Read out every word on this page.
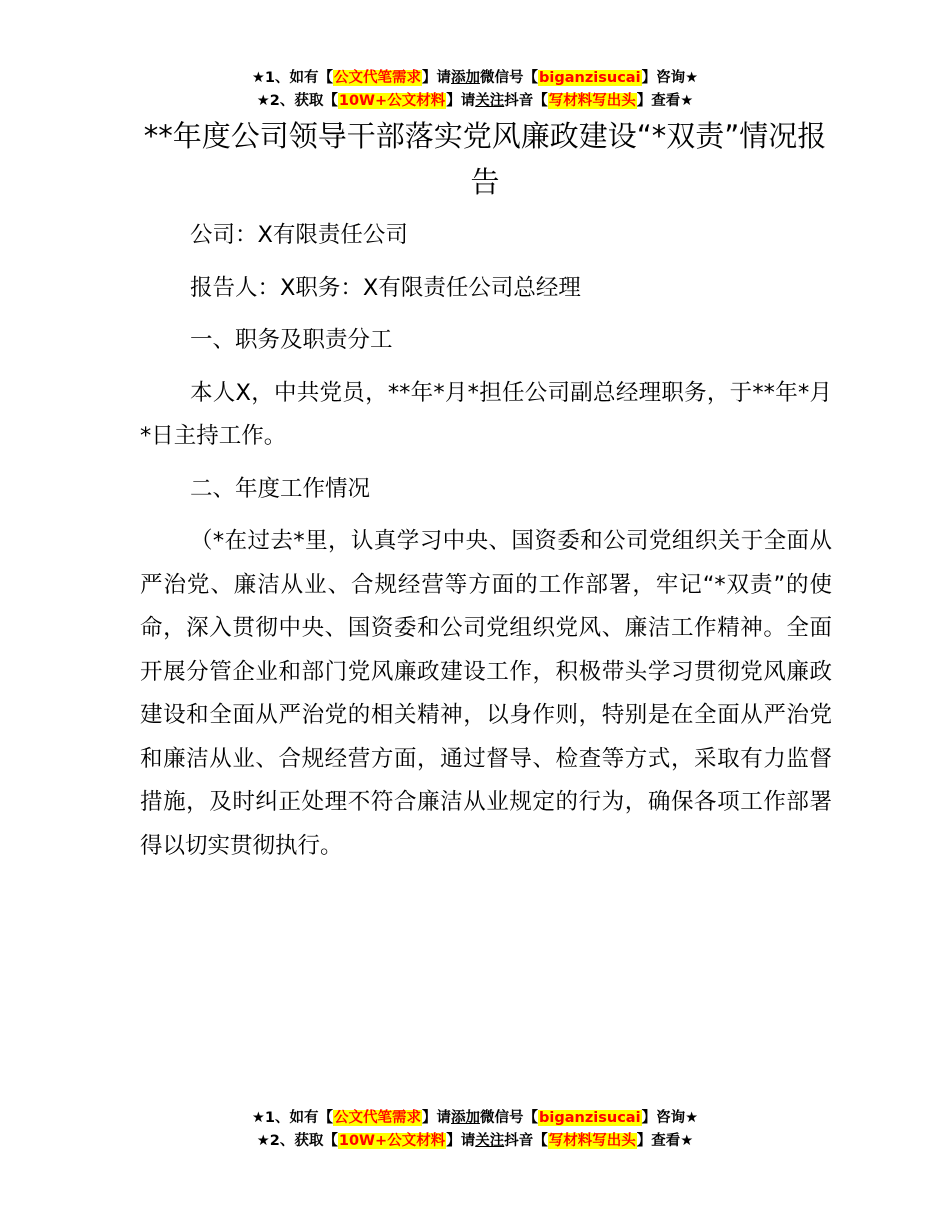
★1、如有【公文代笔需求】请添加微信号【biganzisucai】咨询★
★2、获取【10W+公文材料】请关注抖音【写材料写出头】查看★
**年度公司领导干部落实党风廉政建设“*双责”情况报告

公司：X有限责任公司

报告人：X职务：X有限责任公司总经理

一、职务及职责分工

本人X，中共党员，**年*月*担任公司副总经理职务，于**年*月*日主持工作。

二、年度工作情况

（*在过去*里，认真学习中央、国资委和公司党组织关于全面从严治党、廉洁从业、合规经营等方面的工作部署，牢记“*双责”的使命，深入贯彻中央、国资委和公司党组织党风、廉洁工作精神。全面开展分管企业和部门党风廉政建设工作，积极带头学习贯彻党风廉政建设和全面从严治党的相关精神，以身作则，特别是在全面从严治党和廉洁从业、合规经营方面，通过督导、检查等方式，采取有力监督措施，及时纠正处理不符合廉洁从业规定的行为，确保各项工作部署得以切实贯彻执行。

★1、如有【公文代笔需求】请添加微信号【biganzisucai】咨询★
★2、获取【10W+公文材料】请关注抖音【写材料写出头】查看★
